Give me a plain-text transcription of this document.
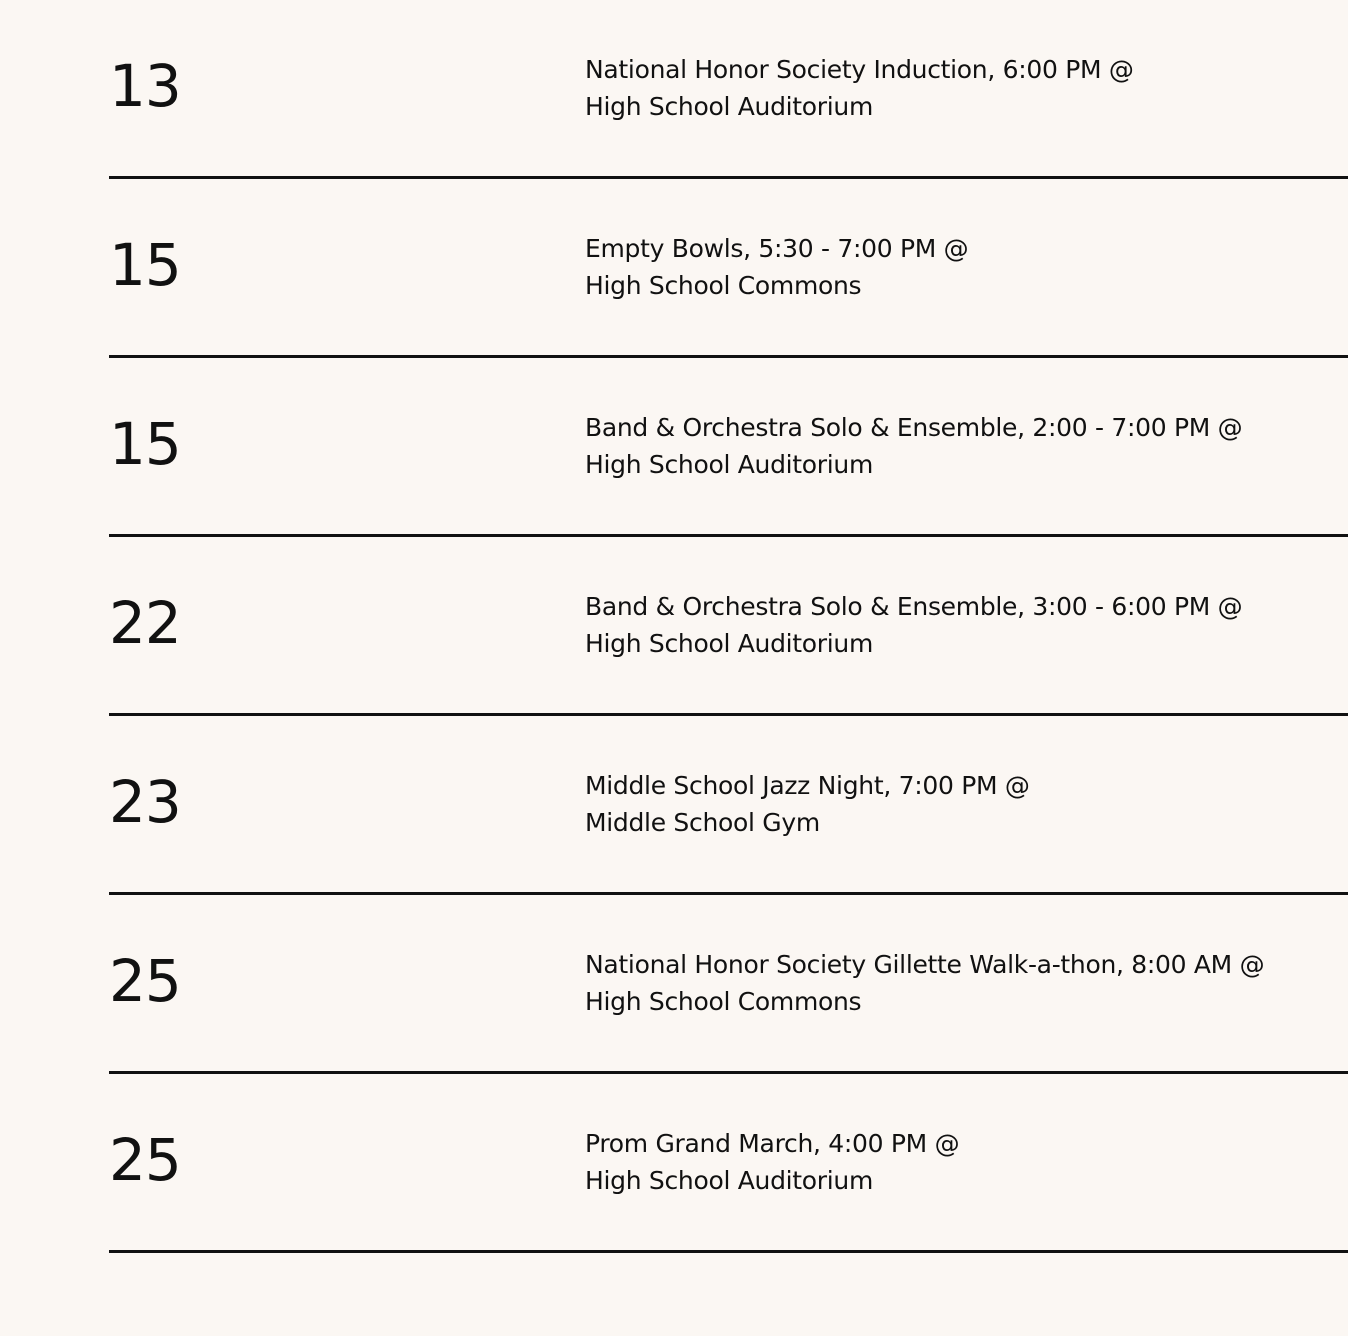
13	National Honor Society Induction, 6:00 PM @
High School Auditorium
15	Empty Bowls, 5:30 - 7:00 PM @
High School Commons
15	Band & Orchestra Solo & Ensemble, 2:00 - 7:00 PM @
High School Auditorium
22	Band & Orchestra Solo & Ensemble, 3:00 - 6:00 PM @
High School Auditorium
23	Middle School Jazz Night, 7:00 PM @
Middle School Gym
25	National Honor Society Gillette Walk-a-thon, 8:00 AM @
High School Commons
25	Prom Grand March, 4:00 PM @
High School Auditorium
